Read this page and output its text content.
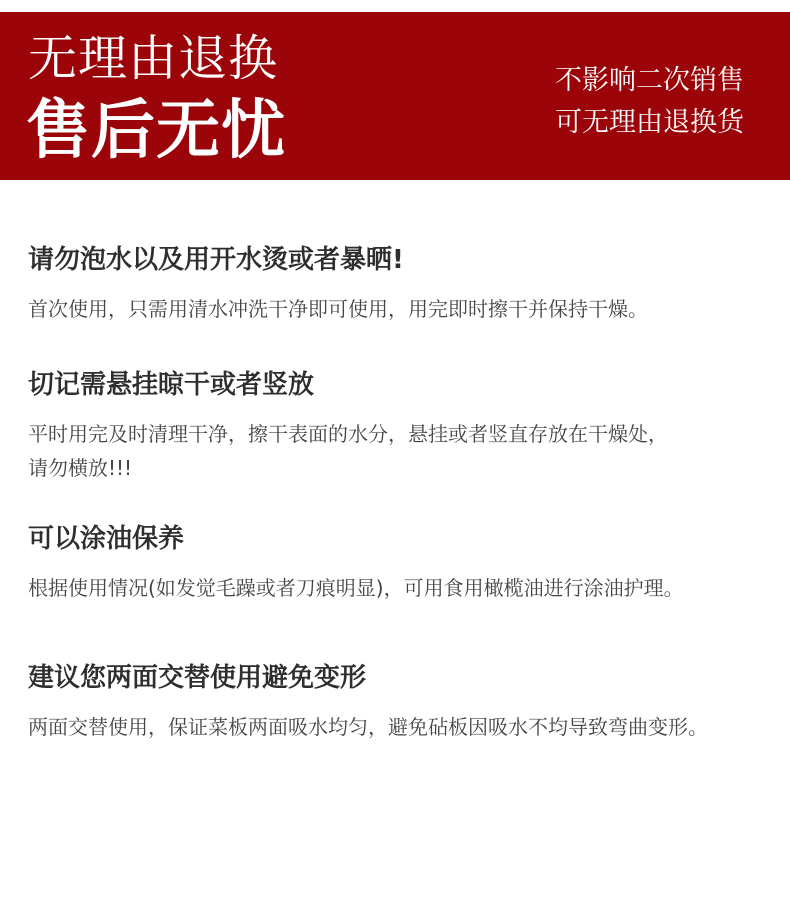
无理由退换
售后无忧
不影响二次销售
可无理由退换货
请勿泡水以及用开水烫或者暴晒!
首次使用，只需用清水冲洗干净即可使用，用完即时擦干并保持干燥。
切记需悬挂晾干或者竖放
平时用完及时清理干净，擦干表面的水分，悬挂或者竖直存放在干燥处，
请勿横放!!!
可以涂油保养
根据使用情况(如发觉毛躁或者刀痕明显)，可用食用橄榄油进行涂油护理。
建议您两面交替使用避免变形
两面交替使用，保证菜板两面吸水均匀，避免砧板因吸水不均导致弯曲变形。
